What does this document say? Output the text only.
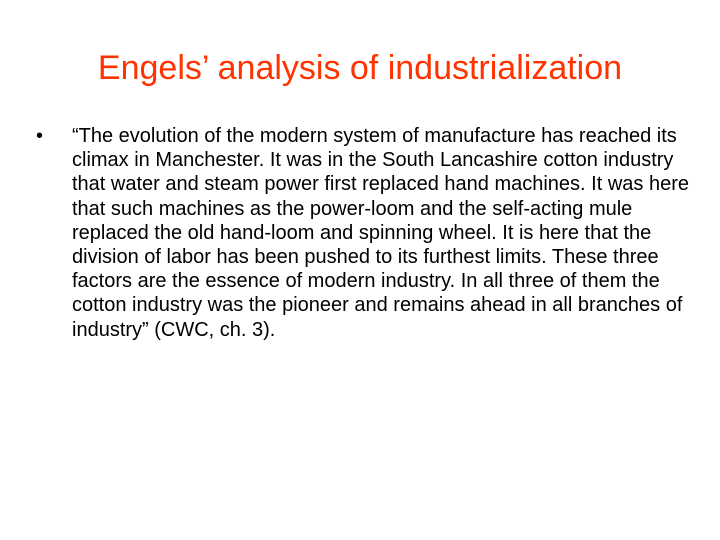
Engels’ analysis of industrialization
•	“The evolution of the modern system of manufacture has reached its climax in Manchester. It was in the South Lancashire cotton industry that water and steam power first replaced hand machines. It was here that such machines as the power-loom and the self-acting mule replaced the old hand-loom and spinning wheel. It is here that the division of labor has been pushed to its furthest limits. These three factors are the essence of modern industry. In all three of them the cotton industry was the pioneer and remains ahead in all branches of industry” (CWC, ch. 3).
